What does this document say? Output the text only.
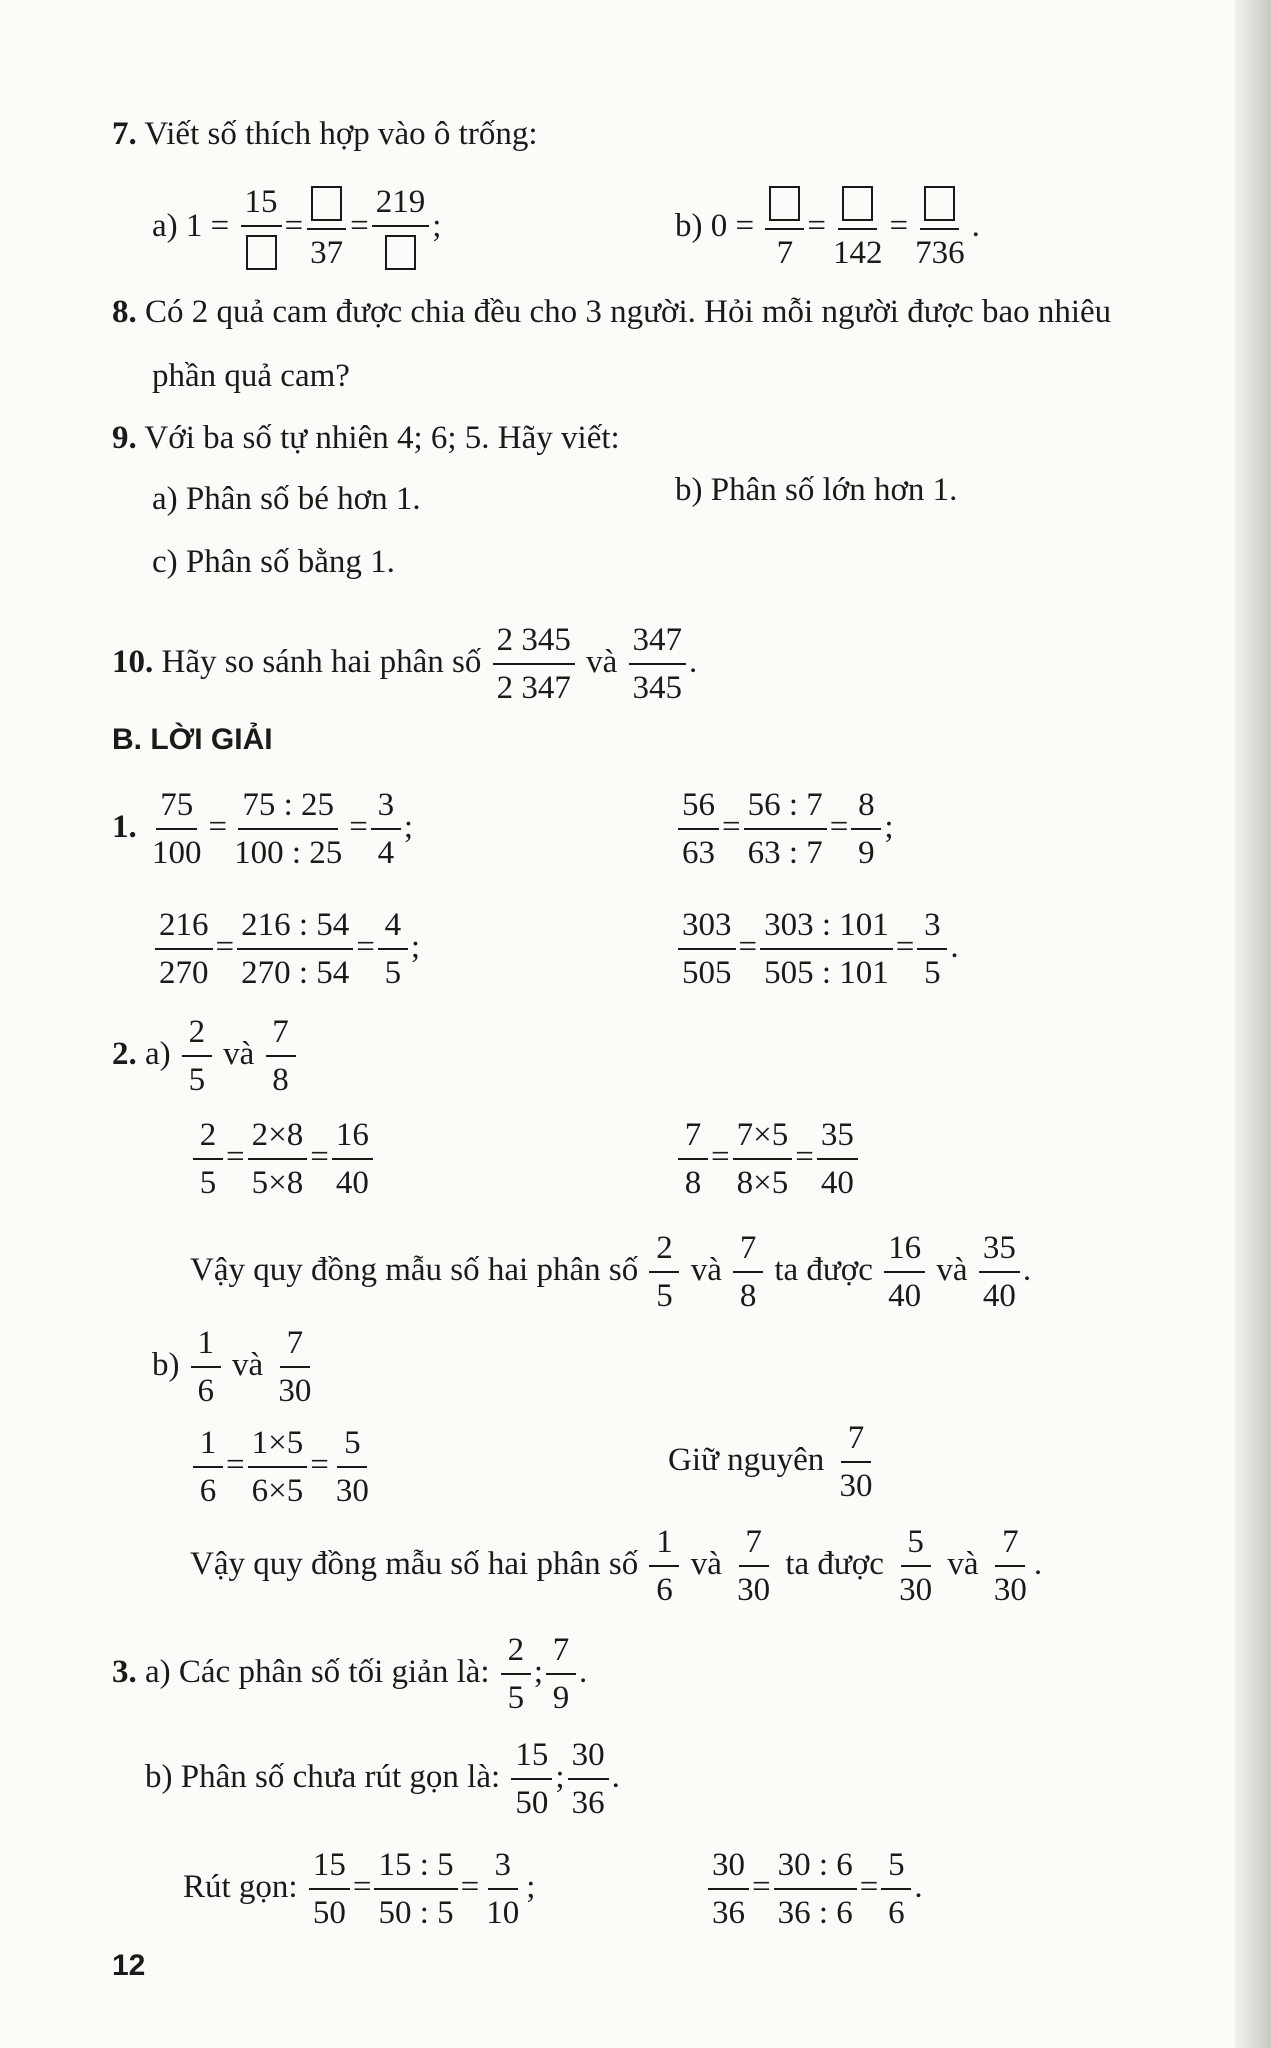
7. Viết số thích hợp vào ô trống:
a) 1 =
15
=
37
=
219
;	b) 0 =
7
=
142
=
736
.
8. Có 2 quả cam được chia đều cho 3 người. Hỏi mỗi người được bao nhiêu
phần quả cam?
9. Với ba số tự nhiên 4; 6; 5. Hãy viết:
a) Phân số bé hơn 1.	b) Phân số lớn hơn 1.
c) Phân số bằng 1.
10. Hãy so sánh hai phân số $\frac{2 345}{2 347}$ và $\frac{347}{345}$ .
B. LỜI GIẢI
1. $\frac{75}{100} = \frac{75 : 25}{100 : 25} = \frac{3}{4}$ ;	$\frac{56}{63} = \frac{56 : 7}{63 : 7} = \frac{8}{9}$ ;
$\frac{216}{270} = \frac{216 : 54}{270 : 54} = \frac{4}{5}$ ;	$\frac{303}{505} = \frac{303 : 101}{505 : 101} = \frac{3}{5}$ .
2. $a) \frac{2}{5}$ và $\frac{7}{8}$
$\frac{2}{5} = \frac{2\times 8}{5\times 8} = \frac{16}{40}$	$\frac{7}{8} = \frac{7\times 5}{8\times 5} = \frac{35}{40}$
Vậy quy đồng mẫu số hai phân số $\frac{2}{5}$ và $\frac{7}{8}$ ta được $\frac{16}{40}$ và $\frac{35}{40}$ .
$b) \frac{1}{6}$ và $\frac{7}{30}$
$\frac{1}{6} = \frac{1\times 5}{6\times 5} = \frac{5}{30}$	Giữ nguyên $\frac{7}{30}$
Vậy quy đồng mẫu số hai phân số $\frac{1}{6}$ và $\frac{7}{30}$ ta được $\frac{5}{30}$ và $\frac{7}{30}$ .
3. a) Các phân số tối giản là: $\frac{2}{5}$ ; $\frac{7}{9}$ .
b) Phân số chưa rút gọn là: $\frac{15}{50}$ ; $\frac{30}{36}$ .
Rút gọn: $\frac{15}{50} = \frac{15 : 5}{50 : 5} = \frac{3}{10}$ ;	$\frac{30}{36} = \frac{30 : 6}{36 : 6} = \frac{5}{6}$ .
12
